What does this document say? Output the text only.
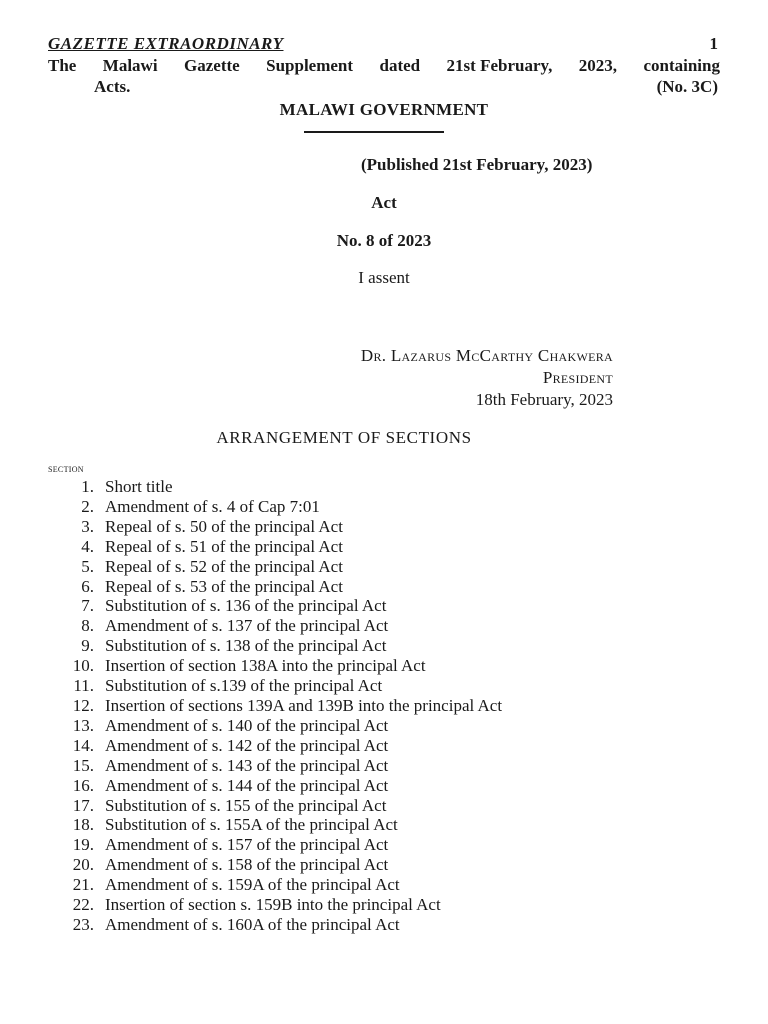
GAZETTE EXTRAORDINARY	1
The Malawi Gazette Supplement dated 21st February, 2023, containing
Acts.	(No. 3C)
MALAWI GOVERNMENT
(Published 21st February, 2023)
Act
No. 8 of 2023
I assent
Dr. Lazarus McCarthy Chakwera
President
18th February, 2023
ARRANGEMENT OF SECTIONS
section
1. Short title
2. Amendment of s. 4 of Cap 7:01
3. Repeal of s. 50 of the principal Act
4. Repeal of s. 51 of the principal Act
5. Repeal of s. 52 of the principal Act
6. Repeal of s. 53 of the principal Act
7. Substitution of s. 136 of the principal Act
8. Amendment of s. 137 of the principal Act
9. Substitution of s. 138 of the principal Act
10. Insertion of section 138A into the principal Act
11. Substitution of s.139 of the principal Act
12. Insertion of sections 139A and 139B into the principal Act
13. Amendment of s. 140 of the principal Act
14. Amendment of s. 142 of the principal Act
15. Amendment of s. 143 of the principal Act
16. Amendment of s. 144 of the principal Act
17. Substitution of s. 155 of the principal Act
18. Substitution of s. 155A of the principal Act
19. Amendment of s. 157 of the principal Act
20. Amendment of s. 158 of the principal Act
21. Amendment of s. 159A of the principal Act
22. Insertion of section s. 159B into the principal Act
23. Amendment of s. 160A of the principal Act
